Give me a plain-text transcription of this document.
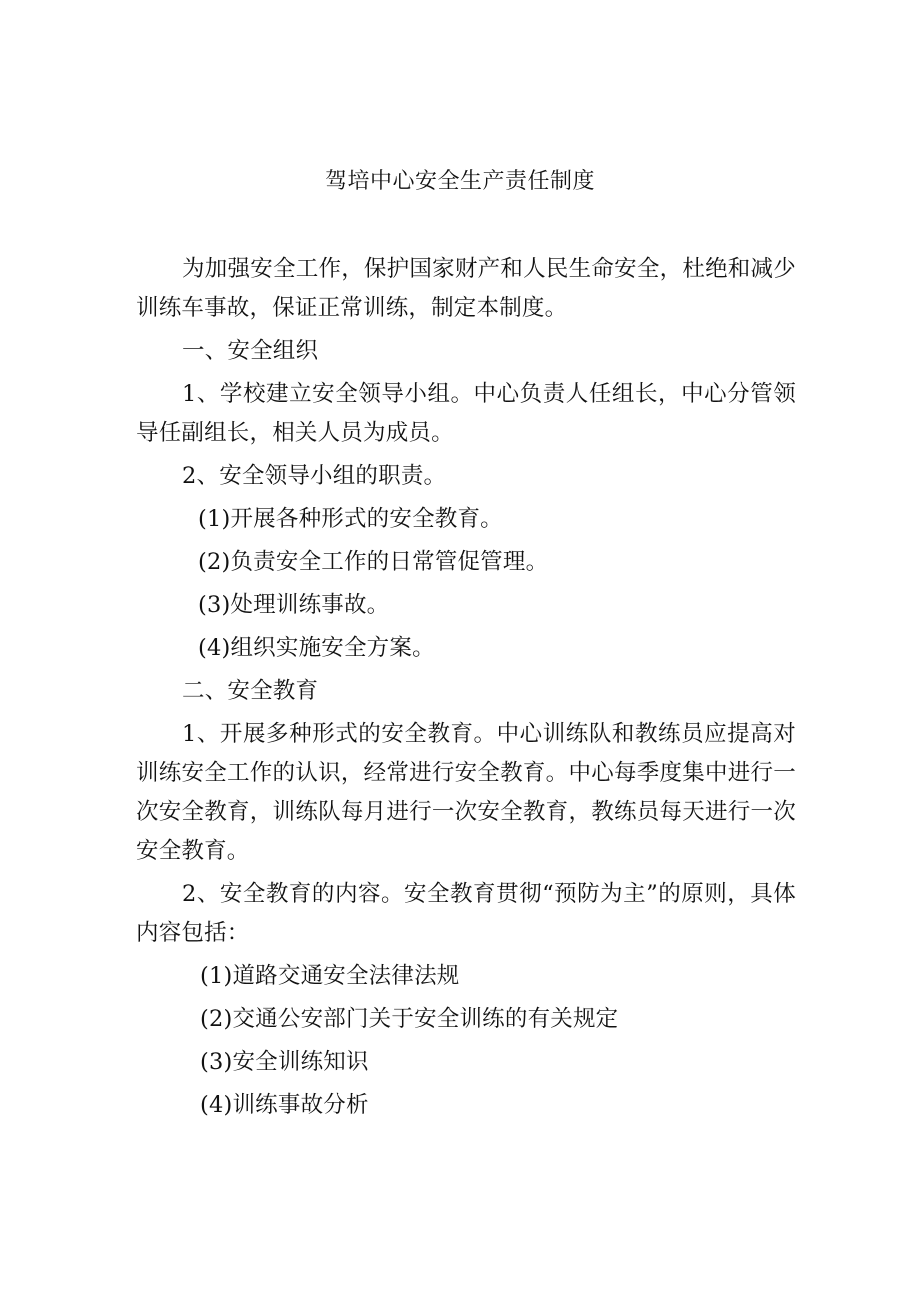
驾培中心安全生产责任制度

为加强安全工作，保护国家财产和人民生命安全，杜绝和减少训练车事故，保证正常训练，制定本制度。

一、安全组织

1、学校建立安全领导小组。中心负责人任组长，中心分管领导任副组长，相关人员为成员。

2、安全领导小组的职责。

(1)开展各种形式的安全教育。

(2)负责安全工作的日常管促管理。

(3)处理训练事故。

(4)组织实施安全方案。

二、安全教育

1、开展多种形式的安全教育。中心训练队和教练员应提高对训练安全工作的认识，经常进行安全教育。中心每季度集中进行一次安全教育，训练队每月进行一次安全教育，教练员每天进行一次安全教育。

2、安全教育的内容。安全教育贯彻“预防为主”的原则，具体内容包括：

(1)道路交通安全法律法规

(2)交通公安部门关于安全训练的有关规定

(3)安全训练知识

(4)训练事故分析
